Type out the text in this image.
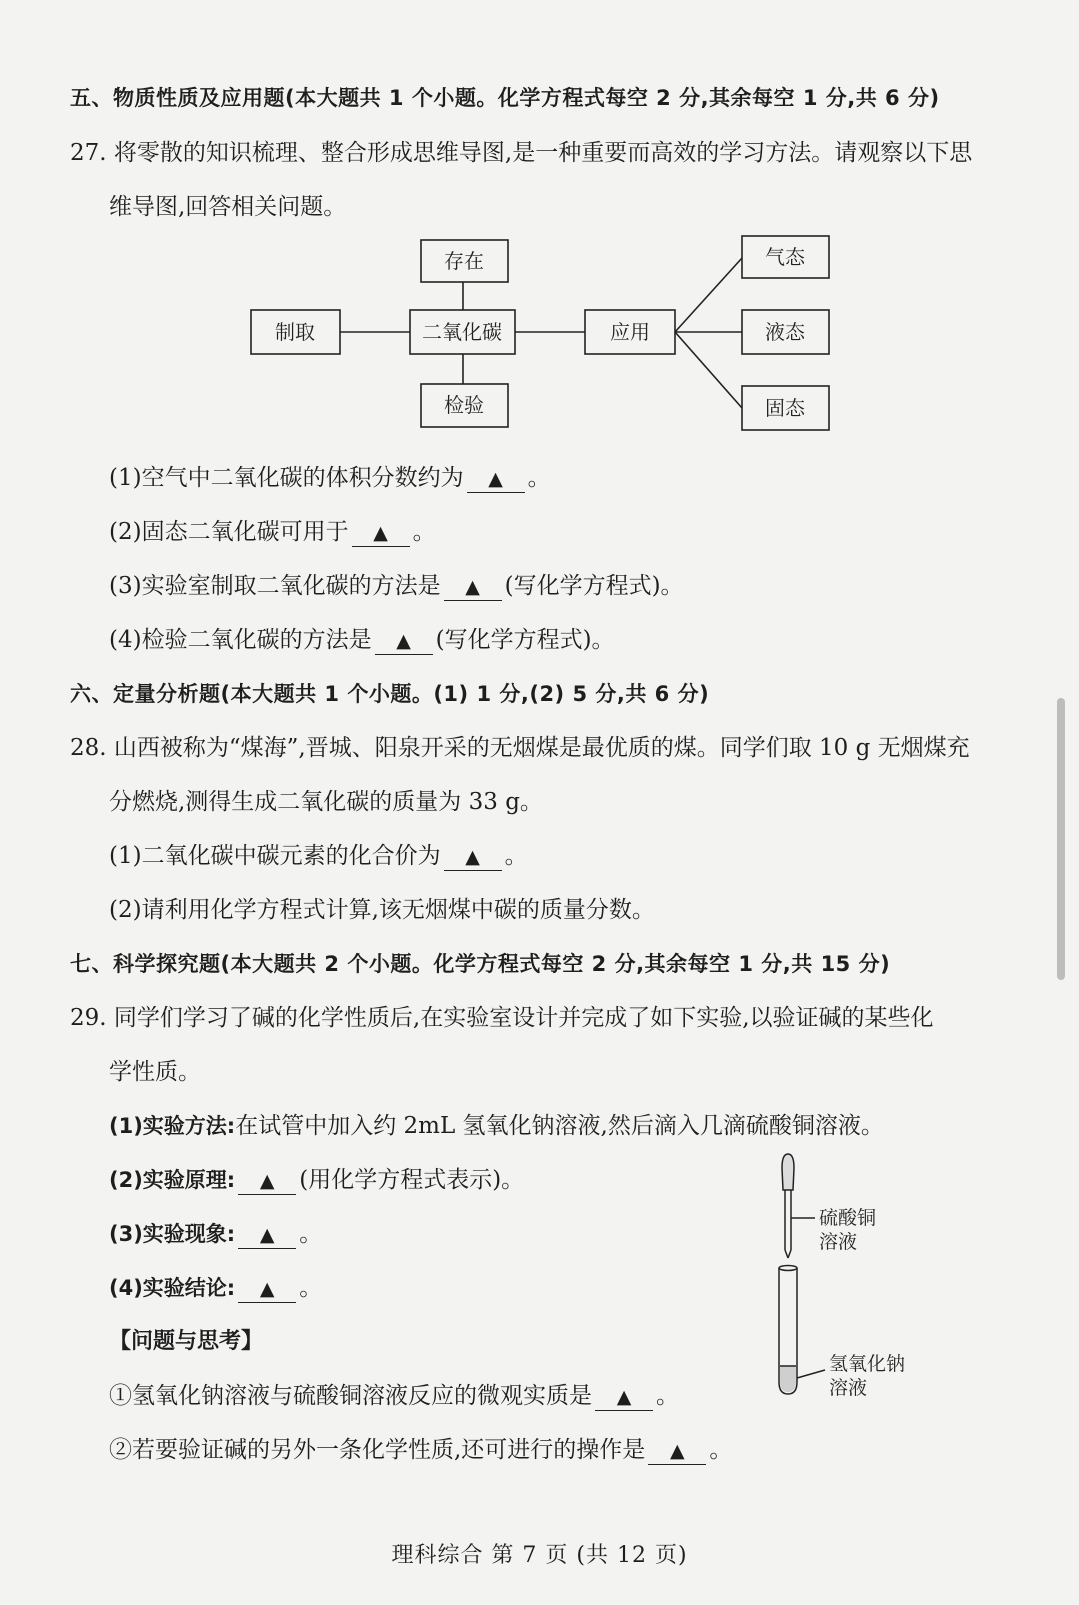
五、物质性质及应用题(本大题共 1 个小题。化学方程式每空 2 分,其余每空 1 分,共 6 分)
27. 将零散的知识梳理、整合形成思维导图,是一种重要而高效的学习方法。请观察以下思
维导图,回答相关问题。
存在
二氧化碳
制取
检验
应用
气态
液态
固态
(1)空气中二氧化碳的体积分数约为 ▲ 。
(2)固态二氧化碳可用于 ▲ 。
(3)实验室制取二氧化碳的方法是 ▲ (写化学方程式)。
(4)检验二氧化碳的方法是 ▲ (写化学方程式)。
六、定量分析题(本大题共 1 个小题。(1) 1 分,(2) 5 分,共 6 分)
28. 山西被称为“煤海”,晋城、阳泉开采的无烟煤是最优质的煤。同学们取 10 g 无烟煤充
分燃烧,测得生成二氧化碳的质量为 33 g。
(1)二氧化碳中碳元素的化合价为 ▲ 。
(2)请利用化学方程式计算,该无烟煤中碳的质量分数。
七、科学探究题(本大题共 2 个小题。化学方程式每空 2 分,其余每空 1 分,共 15 分)
29. 同学们学习了碱的化学性质后,在实验室设计并完成了如下实验,以验证碱的某些化
学性质。
(1)实验方法:在试管中加入约 2mL 氢氧化钠溶液,然后滴入几滴硫酸铜溶液。
(2)实验原理: ▲ (用化学方程式表示)。
(3)实验现象: ▲ 。
(4)实验结论: ▲ 。
【问题与思考】
①氢氧化钠溶液与硫酸铜溶液反应的微观实质是 ▲ 。
②若要验证碱的另外一条化学性质,还可进行的操作是 ▲ 。
硫酸铜
溶液
氢氧化钠
溶液
理科综合 第 7 页 (共 12 页)
